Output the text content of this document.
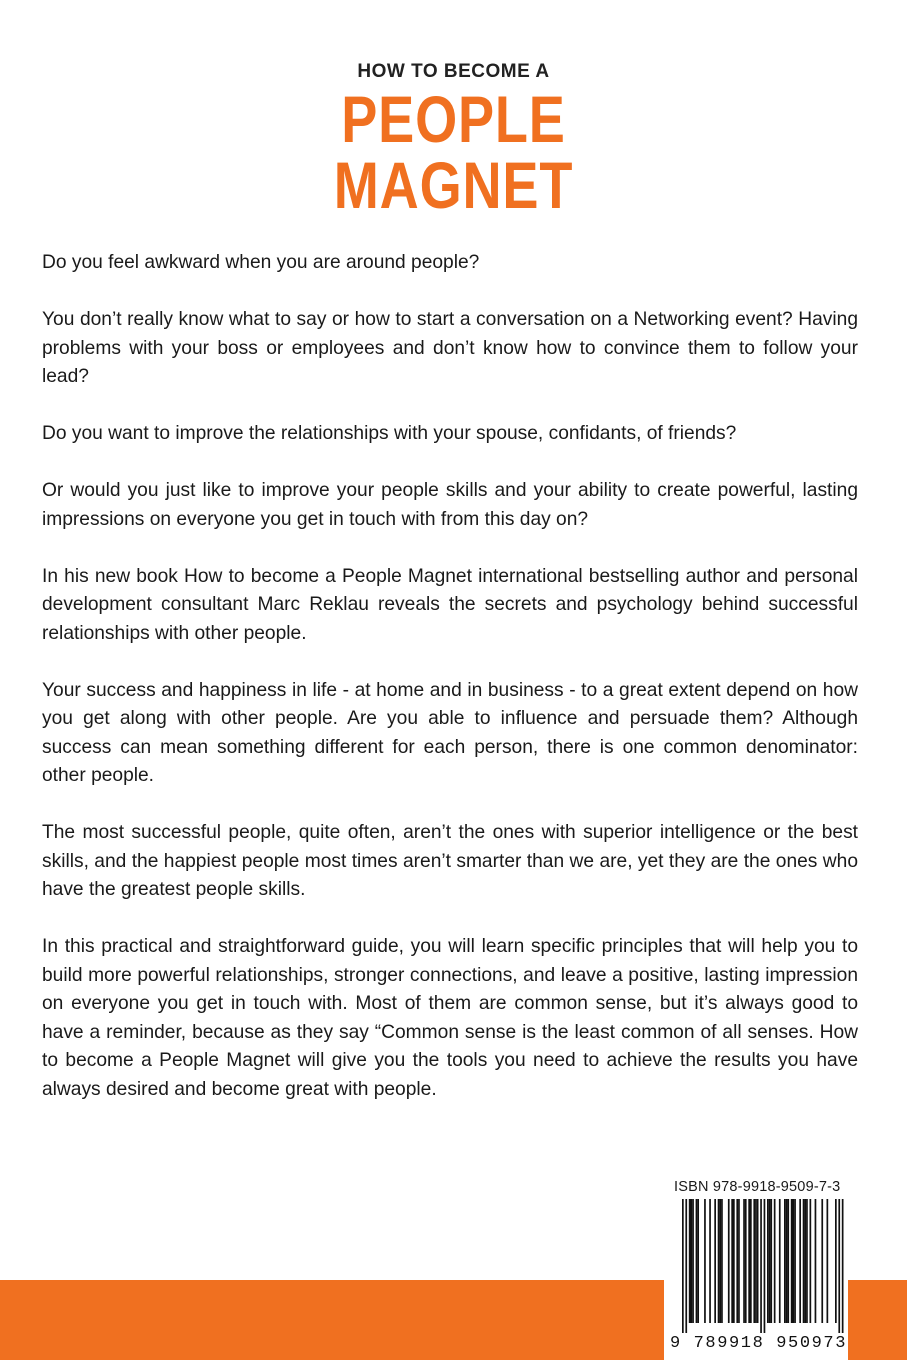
HOW TO BECOME A
PEOPLE
MAGNET

Do you feel awkward when you are around people?

You don’t really know what to say or how to start a conversation on a Networking event? Having problems with your boss or employees and don’t know how to convince them to follow your lead?

Do you want to improve the relationships with your spouse, confidants, of friends?

Or would you just like to improve your people skills and your ability to create powerful, lasting impressions on everyone you get in touch with from this day on?

In his new book How to become a People Magnet international bestselling author and personal development consultant Marc Reklau reveals the secrets and psychology behind successful relationships with other people.

Your success and happiness in life - at home and in business - to a great extent depend on how you get along with other people. Are you able to influence and persuade them? Although success can mean something different for each person, there is one common denominator: other people.

The most successful people, quite often, aren’t the ones with superior intelligence or the best skills, and the happiest people most times aren’t smarter than we are, yet they are the ones who have the greatest people skills.

In this practical and straightforward guide, you will learn specific principles that will help you to build more powerful relationships, stronger connections, and leave a positive, lasting impression on everyone you get in touch with. Most of them are common sense, but it’s always good to have a reminder, because as they say “Common sense is the least common of all senses. How to become a People Magnet will give you the tools you need to achieve the results you have always desired and become great with people.

ISBN 978-9918-9509-7-3
9 789918 950973
